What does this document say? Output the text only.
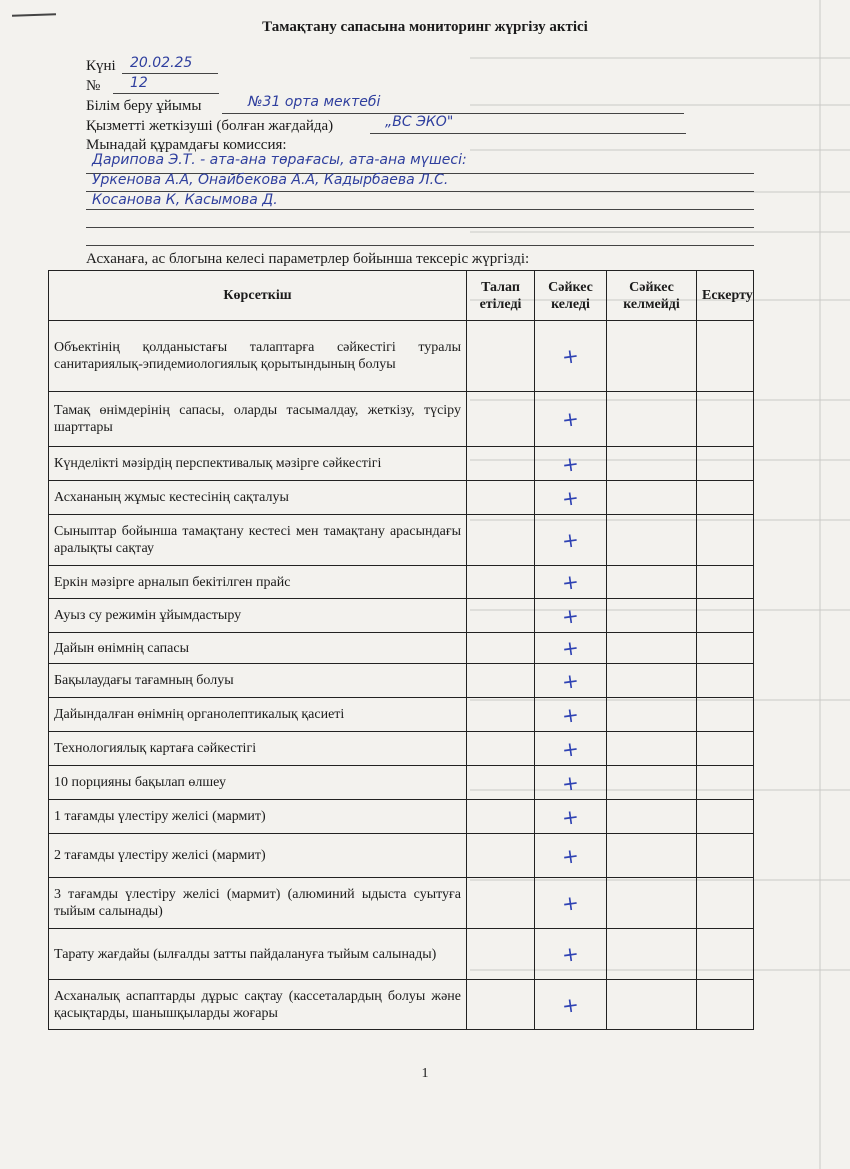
Тамақтану сапасына мониторинг жүргізу актісі
Күні 20.02.25
№ 12
Білім беру ұйымы	№31 орта мектебі
Қызметті жеткізуші (болған жағдайда)	„ВС ЭКО"
Мынадай құрамдағы комиссия:
Дарипова Э.Т. - ата-ана төрағасы, ата-ана мүшесі:
Уркенова А.А, Онайбекова А.А, Кадырбаева Л.С.
Косанова К, Касымова Д.
Асханаға, ас блогына келесі параметрлер бойынша тексеріс жүргізді:
Көрсеткіш	Талап етіледі	Сәйкес келеді	Сәйкес келмейді	Ескерту
Объектінің қолданыстағы талаптарға сәйкестігі туралы санитариялық-эпидемиологиялық қорытындының болуы		+		
Тамақ өнімдерінің сапасы, оларды тасымалдау, жеткізу, түсіру шарттары		+		
Күнделікті мәзірдің перспективалық мәзірге сәйкестігі		+		
Асхананың жұмыс кестесінің сақталуы		+		
Сыныптар бойынша тамақтану кестесі мен тамақтану арасындағы аралықты сақтау		+		
Еркін мәзірге арналып бекітілген прайс		+		
Ауыз су режимін ұйымдастыру		+		
Дайын өнімнің сапасы		+		
Бақылаудағы тағамның болуы		+		
Дайындалған өнімнің органолептикалық қасиеті		+		
Технологиялық картаға сәйкестігі		+		
10 порцияны бақылап өлшеу		+		
1 тағамды үлестіру желісі (мармит)		+		
2 тағамды үлестіру желісі (мармит)		+		
3 тағамды үлестіру желісі (мармит) (алюминий ыдыста суытуға тыйым салынады)		+		
Тарату жағдайы (ылғалды затты пайдалануға тыйым салынады)		+		
Асханалық аспаптарды дұрыс сақтау (кассеталардың болуы және қасықтарды, шанышқыларды жоғары		+		
1
